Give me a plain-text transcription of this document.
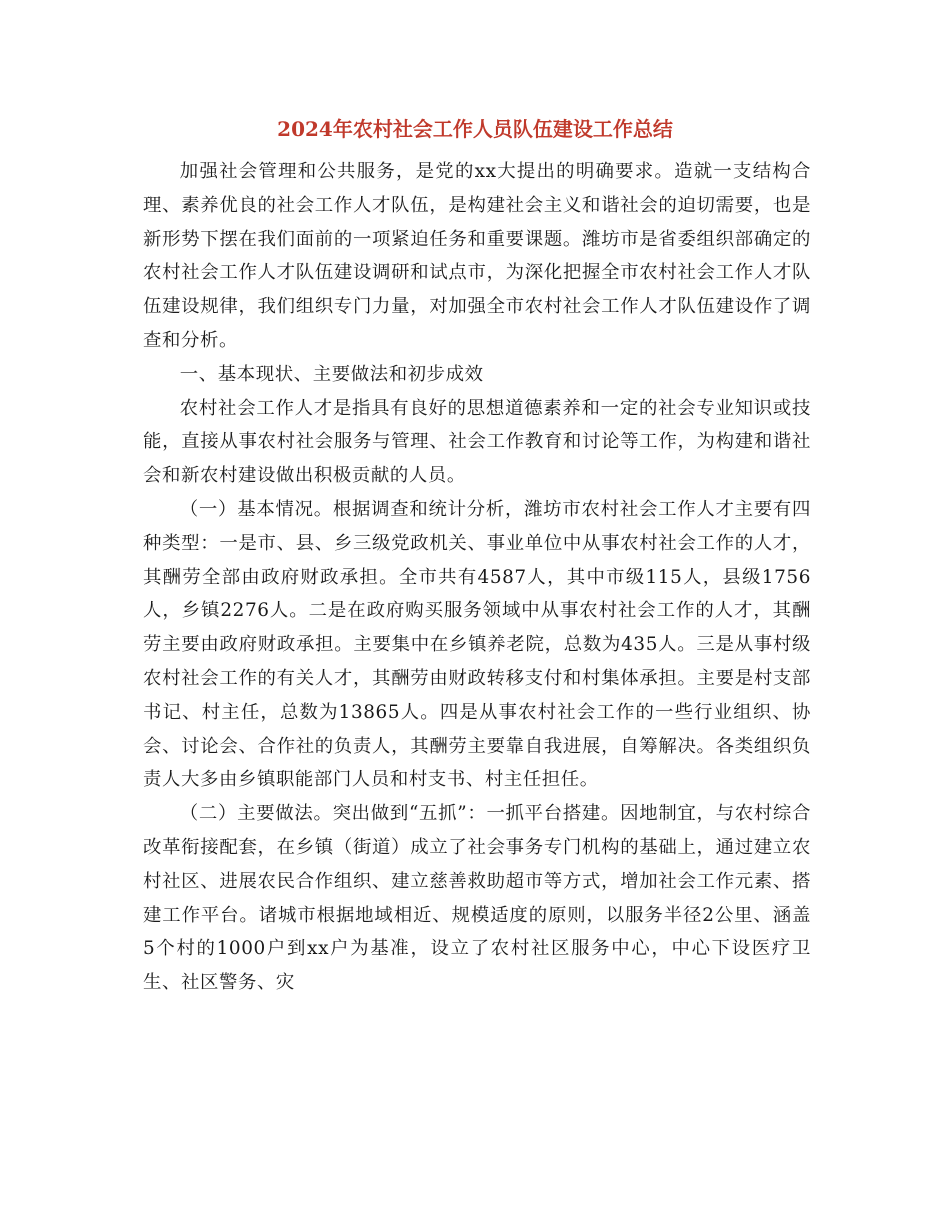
2024年农村社会工作人员队伍建设工作总结

加强社会管理和公共服务，是党的xx大提出的明确要求。造就一支结构合理、素养优良的社会工作人才队伍，是构建社会主义和谐社会的迫切需要，也是新形势下摆在我们面前的一项紧迫任务和重要课题。潍坊市是省委组织部确定的农村社会工作人才队伍建设调研和试点市，为深化把握全市农村社会工作人才队伍建设规律，我们组织专门力量，对加强全市农村社会工作人才队伍建设作了调查和分析。

一、基本现状、主要做法和初步成效

农村社会工作人才是指具有良好的思想道德素养和一定的社会专业知识或技能，直接从事农村社会服务与管理、社会工作教育和讨论等工作，为构建和谐社会和新农村建设做出积极贡献的人员。

（一）基本情况。根据调查和统计分析，潍坊市农村社会工作人才主要有四种类型：一是市、县、乡三级党政机关、事业单位中从事农村社会工作的人才，其酬劳全部由政府财政承担。全市共有4587人，其中市级115人，县级1756人，乡镇2276人。二是在政府购买服务领域中从事农村社会工作的人才，其酬劳主要由政府财政承担。主要集中在乡镇养老院，总数为435人。三是从事村级农村社会工作的有关人才，其酬劳由财政转移支付和村集体承担。主要是村支部书记、村主任，总数为13865人。四是从事农村社会工作的一些行业组织、协会、讨论会、合作社的负责人，其酬劳主要靠自我进展，自筹解决。各类组织负责人大多由乡镇职能部门人员和村支书、村主任担任。

（二）主要做法。突出做到“五抓”：一抓平台搭建。因地制宜，与农村综合改革衔接配套，在乡镇（街道）成立了社会事务专门机构的基础上，通过建立农村社区、进展农民合作组织、建立慈善救助超市等方式，增加社会工作元素、搭建工作平台。诸城市根据地域相近、规模适度的原则，以服务半径2公里、涵盖5个村的1000户到xx户为基准，设立了农村社区服务中心，中心下设医疗卫生、社区警务、灾
